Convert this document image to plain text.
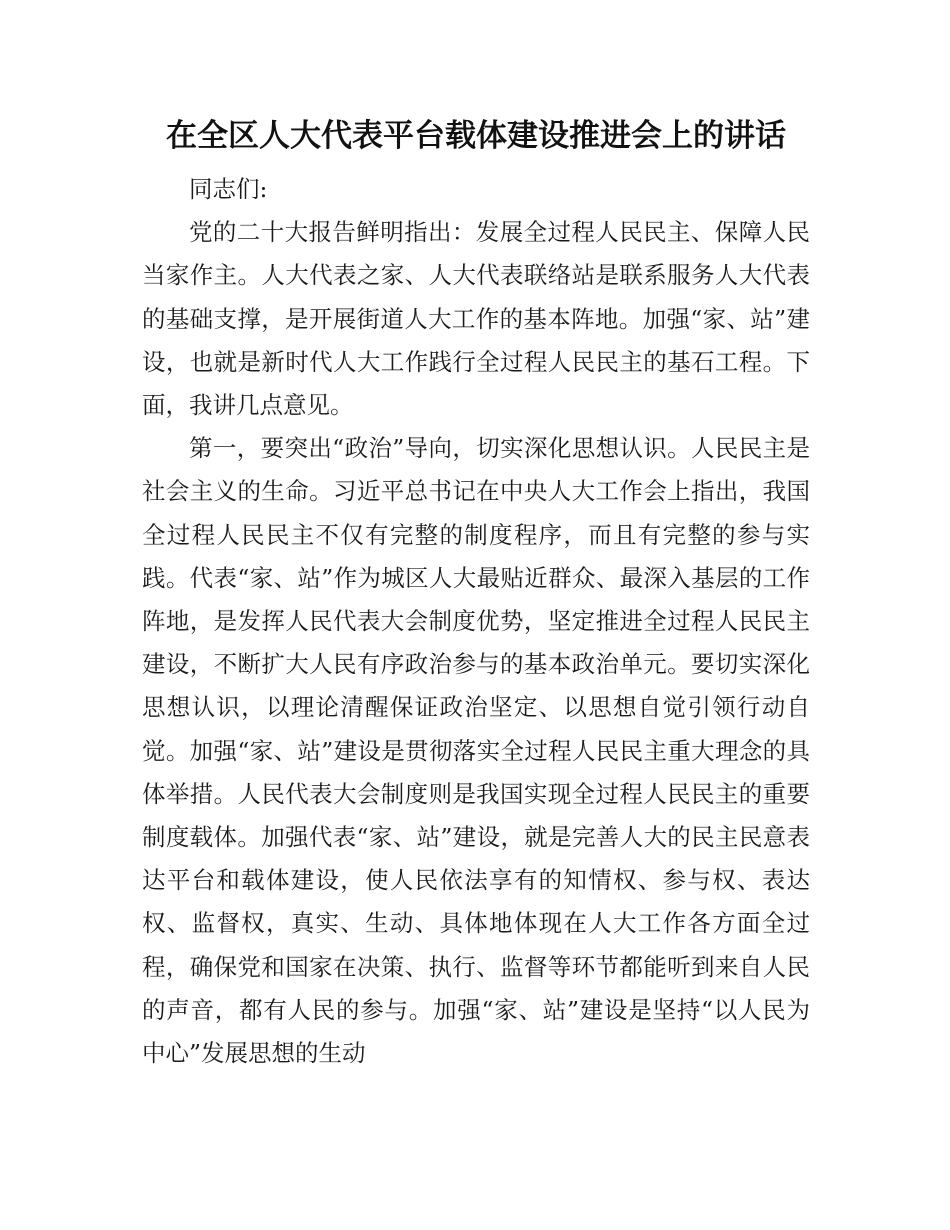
在全区人大代表平台载体建设推进会上的讲话

同志们:

党的二十大报告鲜明指出：发展全过程人民民主、保障人民当家作主。人大代表之家、人大代表联络站是联系服务人大代表的基础支撑，是开展街道人大工作的基本阵地。加强“家、站”建设，也就是新时代人大工作践行全过程人民民主的基石工程。下面，我讲几点意见。

第一，要突出“政治”导向，切实深化思想认识。人民民主是社会主义的生命。习近平总书记在中央人大工作会上指出，我国全过程人民民主不仅有完整的制度程序，而且有完整的参与实践。代表“家、站”作为城区人大最贴近群众、最深入基层的工作阵地，是发挥人民代表大会制度优势，坚定推进全过程人民民主建设，不断扩大人民有序政治参与的基本政治单元。要切实深化思想认识，以理论清醒保证政治坚定、以思想自觉引领行动自觉。加强“家、站”建设是贯彻落实全过程人民民主重大理念的具体举措。人民代表大会制度则是我国实现全过程人民民主的重要制度载体。加强代表“家、站”建设，就是完善人大的民主民意表达平台和载体建设，使人民依法享有的知情权、参与权、表达权、监督权，真实、生动、具体地体现在人大工作各方面全过程，确保党和国家在决策、执行、监督等环节都能听到来自人民的声音，都有人民的参与。加强“家、站”建设是坚持“以人民为中心”发展思想的生动
